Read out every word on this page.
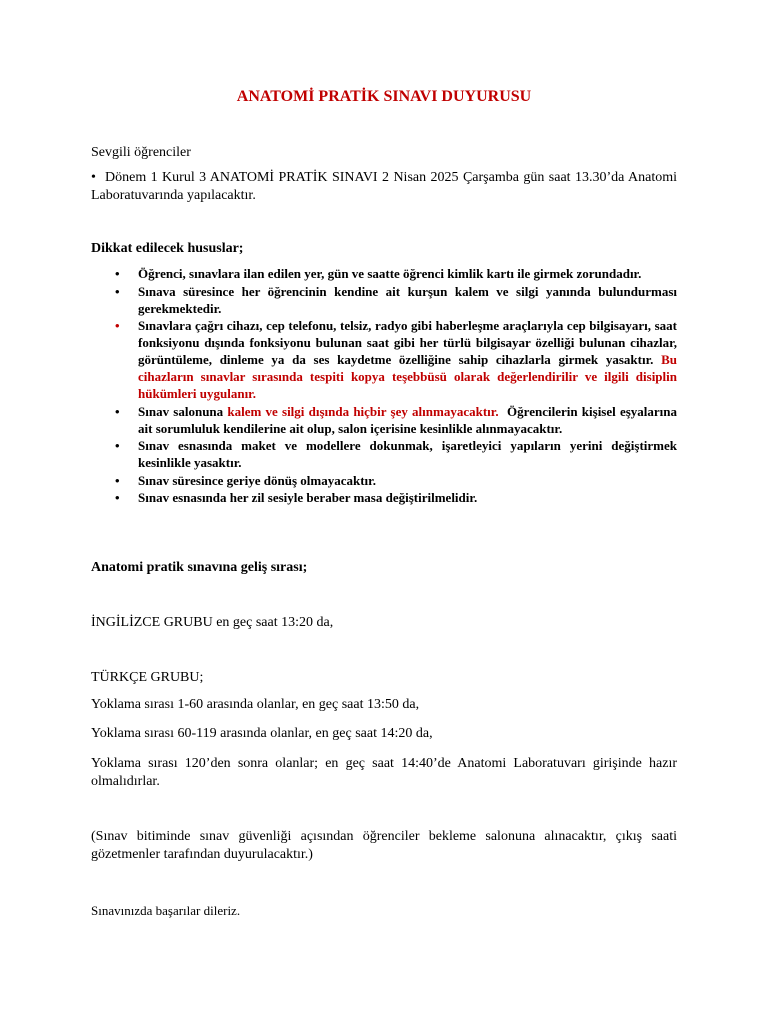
ANATOMİ PRATİK SINAVI DUYURUSU

Sevgili öğrenciler

• Dönem 1 Kurul 3 ANATOMİ PRATİK SINAVI 2 Nisan 2025 Çarşamba gün saat 13.30’da Anatomi Laboratuvarında yapılacaktır.

Dikkat edilecek hususlar;

• Öğrenci, sınavlara ilan edilen yer, gün ve saatte öğrenci kimlik kartı ile girmek zorundadır.
• Sınava süresince her öğrencinin kendine ait kurşun kalem ve silgi yanında bulundurması gerekmektedir.
• Sınavlara çağrı cihazı, cep telefonu, telsiz, radyo gibi haberleşme araçlarıyla cep bilgisayarı, saat fonksiyonu dışında fonksiyonu bulunan saat gibi her türlü bilgisayar özelliği bulunan cihazlar, görüntüleme, dinleme ya da ses kaydetme özelliğine sahip cihazlarla girmek yasaktır. Bu cihazların sınavlar sırasında tespiti kopya teşebbüsü olarak değerlendirilir ve ilgili disiplin hükümleri uygulanır.
• Sınav salonuna kalem ve silgi dışında hiçbir şey alınmayacaktır.  Öğrencilerin kişisel eşyalarına ait sorumluluk kendilerine ait olup, salon içerisine kesinlikle alınmayacaktır.
• Sınav esnasında maket ve modellere dokunmak, işaretleyici yapıların yerini değiştirmek kesinlikle yasaktır.
• Sınav süresince geriye dönüş olmayacaktır.
• Sınav esnasında her zil sesiyle beraber masa değiştirilmelidir.

Anatomi pratik sınavına geliş sırası;

İNGİLİZCE GRUBU en geç saat 13:20 da,

TÜRKÇE GRUBU;

Yoklama sırası 1-60 arasında olanlar, en geç saat 13:50 da,

Yoklama sırası 60-119 arasında olanlar, en geç saat 14:20 da,

Yoklama sırası 120’den sonra olanlar; en geç saat 14:40’de Anatomi Laboratuvarı girişinde hazır olmalıdırlar.

(Sınav bitiminde sınav güvenliği açısından öğrenciler bekleme salonuna alınacaktır, çıkış saati gözetmenler tarafından duyurulacaktır.)

Sınavınızda başarılar dileriz.
